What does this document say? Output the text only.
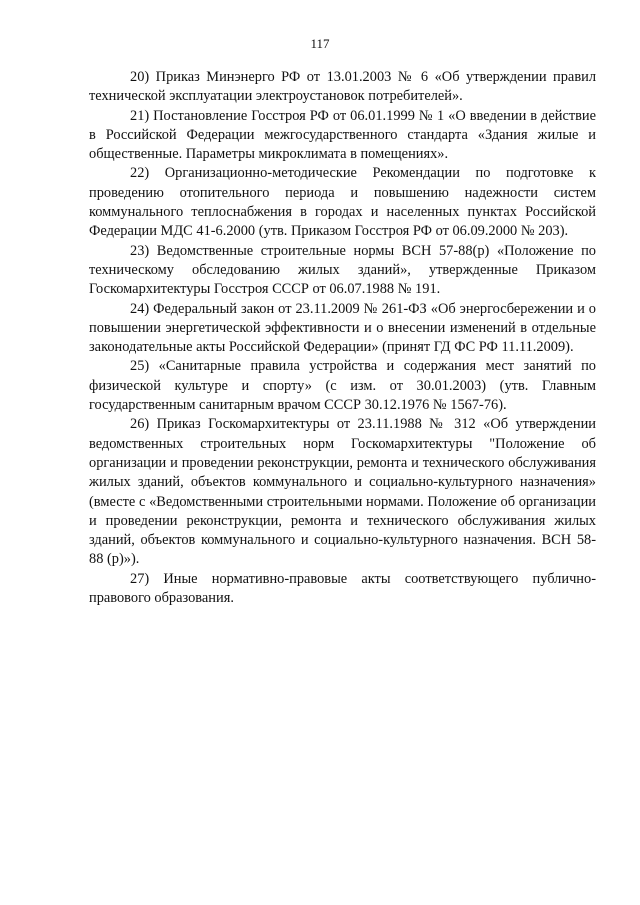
117

20) Приказ Минэнерго РФ от 13.01.2003 № 6 «Об утверждении правил технической эксплуатации электроустановок потребителей».

21) Постановление Госстроя РФ от 06.01.1999 № 1 «О введении в действие в Российской Федерации межгосударственного стандарта «Здания жилые и общественные. Параметры микроклимата в помещениях».

22) Организационно-методические Рекомендации по подготовке к проведению отопительного периода и повышению надежности систем коммунального теплоснабжения в городах и населенных пунктах Российской Федерации МДС 41-6.2000 (утв. Приказом Госстроя РФ от 06.09.2000 № 203).

23) Ведомственные строительные нормы ВСН 57-88(р) «Положение по техническому обследованию жилых зданий», утвержденные Приказом Госкомархитектуры Госстроя СССР от 06.07.1988 № 191.

24) Федеральный закон от 23.11.2009 № 261-ФЗ «Об энергосбережении и о повышении энергетической эффективности и о внесении изменений в отдельные законодательные акты Российской Федерации» (принят ГД ФС РФ 11.11.2009).

25) «Санитарные правила устройства и содержания мест занятий по физической культуре и спорту» (с изм. от 30.01.2003) (утв. Главным государственным санитарным врачом СССР 30.12.1976 № 1567-76).

26) Приказ Госкомархитектуры от 23.11.1988 № 312 «Об утверждении ведомственных строительных норм Госкомархитектуры "Положение об организации и проведении реконструкции, ремонта и технического обслуживания жилых зданий, объектов коммунального и социально-культурного назначения» (вместе с «Ведомственными строительными нормами. Положение об организации и проведении реконструкции, ремонта и технического обслуживания жилых зданий, объектов коммунального и социально-культурного назначения. ВСН 58-88 (р)»).

27) Иные нормативно-правовые акты соответствующего публично-правового образования.
